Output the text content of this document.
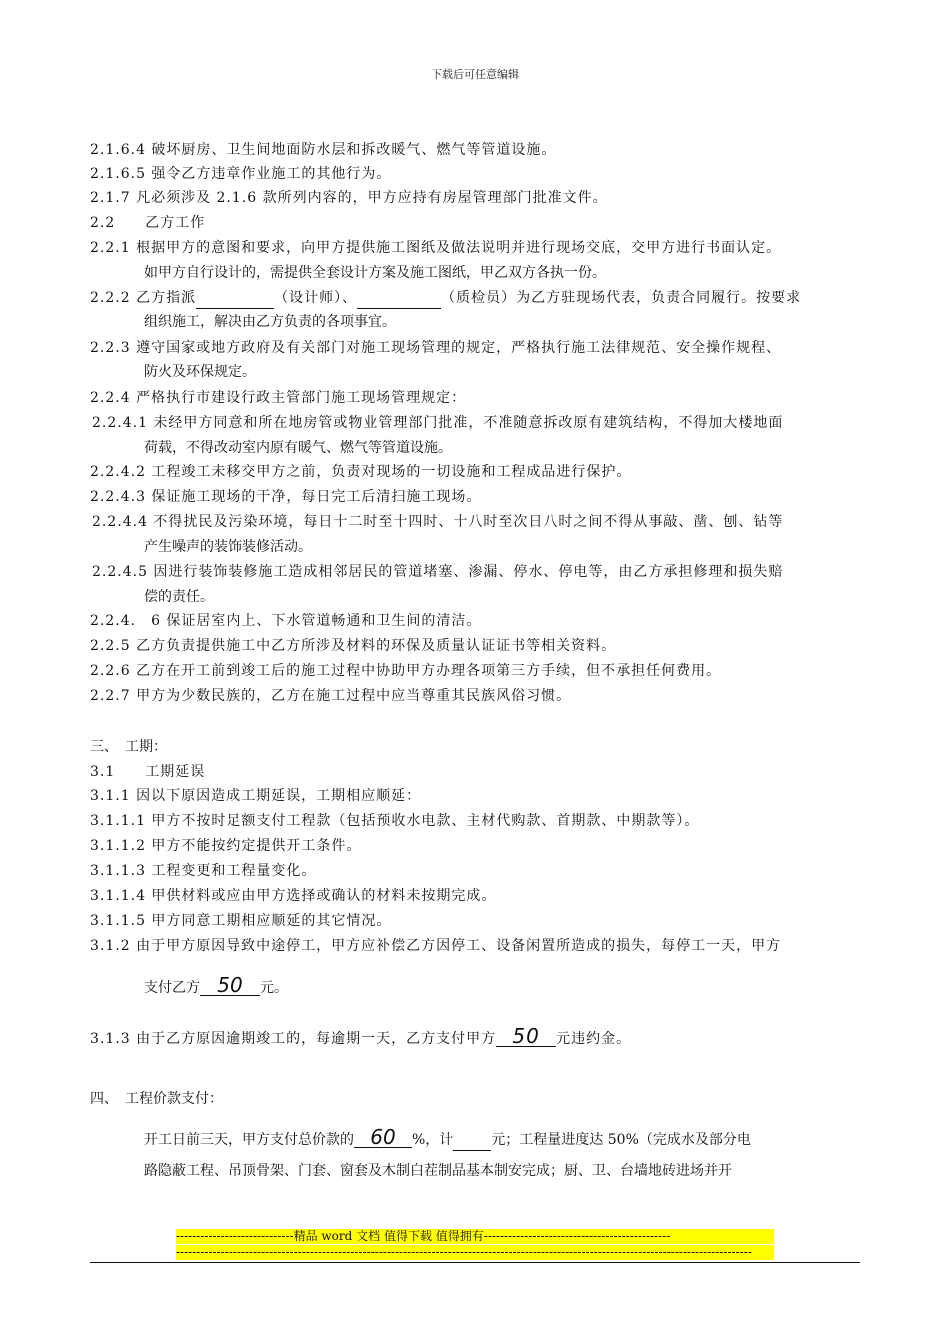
下载后可任意编辑
2.1.6.4 破坏厨房、卫生间地面防水层和拆改暖气、燃气等管道设施。
2.1.6.5 强令乙方违章作业施工的其他行为。
2.1.7 凡必须涉及 2.1.6 款所列内容的，甲方应持有房屋管理部门批准文件。
2.2　　乙方工作
2.2.1 根据甲方的意图和要求，向甲方提供施工图纸及做法说明并进行现场交底，交甲方进行书面认定。
如甲方自行设计的，需提供全套设计方案及施工图纸，甲乙双方各执一份。
2.2.2 乙方指派	（设计师）、	（质检员）为乙方驻现场代表，负责合同履行。按要求
组织施工，解决由乙方负责的各项事宜。
2.2.3 遵守国家或地方政府及有关部门对施工现场管理的规定，严格执行施工法律规范、安全操作规程、
防火及环保规定。
2.2.4 严格执行市建设行政主管部门施工现场管理规定：
2.2.4.1 未经甲方同意和所在地房管或物业管理部门批准，不准随意拆改原有建筑结构，不得加大楼地面
荷载，不得改动室内原有暖气、燃气等管道设施。
2.2.4.2 工程竣工未移交甲方之前，负责对现场的一切设施和工程成品进行保护。
2.2.4.3 保证施工现场的干净，每日完工后清扫施工现场。
2.2.4.4 不得扰民及污染环境，每日十二时至十四时、十八时至次日八时之间不得从事敲、凿、刨、钻等
产生噪声的装饰装修活动。
2.2.4.5 因进行装饰装修施工造成相邻居民的管道堵塞、渗漏、停水、停电等，由乙方承担修理和损失赔
偿的责任。
2.2.4.　6 保证居室内上、下水管道畅通和卫生间的清洁。
2.2.5 乙方负责提供施工中乙方所涉及材料的环保及质量认证证书等相关资料。
2.2.6 乙方在开工前到竣工后的施工过程中协助甲方办理各项第三方手续，但不承担任何费用。
2.2.7 甲方为少数民族的，乙方在施工过程中应当尊重其民族风俗习惯。
三、　工期：
3.1　　工期延误
3.1.1 因以下原因造成工期延误，工期相应顺延：
3.1.1.1 甲方不按时足额支付工程款（包括预收水电款、主材代购款、首期款、中期款等）。
3.1.1.2 甲方不能按约定提供开工条件。
3.1.1.3 工程变更和工程量变化。
3.1.1.4 甲供材料或应由甲方选择或确认的材料未按期完成。
3.1.1.5 甲方同意工期相应顺延的其它情况。
3.1.2 由于甲方原因导致中途停工，甲方应补偿乙方因停工、设备闲置所造成的损失，每停工一天，甲方
支付乙方 50 元。
3.1.3 由于乙方原因逾期竣工的，每逾期一天，乙方支付甲方 50 元违约金。
四、　工程价款支付：
开工日前三天，甲方支付总价款的 60 %，计	元；工程量进度达 50%（完成水及部分电
路隐蔽工程、吊顶骨架、门套、窗套及木制白茬制品基本制安完成；厨、卫、台墙地砖进场并开
-----------------------------精品 word 文档 值得下载 值得拥有----------------------------------------------
----------------------------------------------------------------------------------------------------------------------------------------------
